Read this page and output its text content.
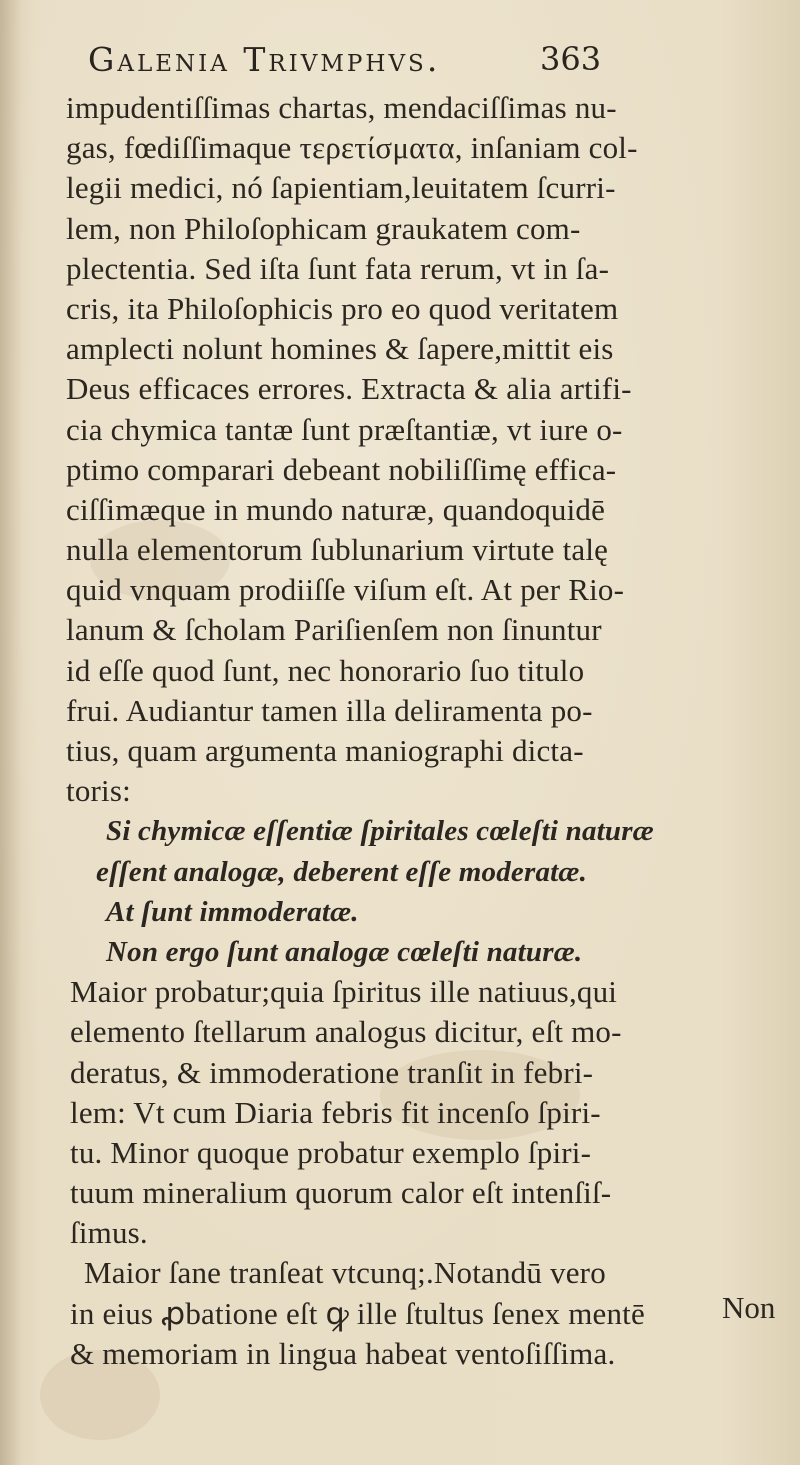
Galenia Trivmphvs.	363
impudentiſſimas chartas, mendaciſſimas nu-
gas, fœdiſſimaque τερετίσματα, inſaniam col-
legii medici, nó ſapientiam,leuitatem ſcurri-
lem, non Philoſophicam graukatem com-
plectentia. Sed iſta ſunt fata rerum, vt in ſa-
cris, ita Philoſophicis pro eo quod veritatem
amplecti nolunt homines & ſapere,mittit eis
Deus efficaces errores. Extracta & alia artifi-
cia chymica tantæ ſunt præſtantiæ, vt iure o-
ptimo comparari debeant nobiliſſimę effica-
ciſſimæque in mundo naturæ, quandoquidē
nulla elementorum ſublunarium virtute talę
quid vnquam prodiiſſe viſum eſt. At per Rio-
lanum & ſcholam Pariſienſem non ſinuntur
id eſſe quod ſunt, nec honorario ſuo titulo
frui. Audiantur tamen illa deliramenta po-
tius, quam argumenta maniographi dicta-
toris:
Si chymicæ eſſentiæ ſpiritales cœleſti naturæ
eſſent analogæ, deberent eſſe moderatæ.
At ſunt immoderatæ.
Non ergo ſunt analogæ cœleſti naturæ.
Maior probatur;quia ſpiritus ille natiuus,qui
elemento ſtellarum analogus dicitur, eſt mo-
deratus, & immoderatione tranſit in febri-
lem: Vt cum Diaria febris fit incenſo ſpiri-
tu. Minor quoque probatur exemplo ſpiri-
tuum mineralium quorum calor eſt intenſiſ-
ſimus.
Maior ſane tranſeat vtcunq;.Notandū vero
in eius ꝓbatione eſt ꝙ ille ſtultus ſenex mentē
& memoriam in lingua habeat ventoſiſſima.
Non
